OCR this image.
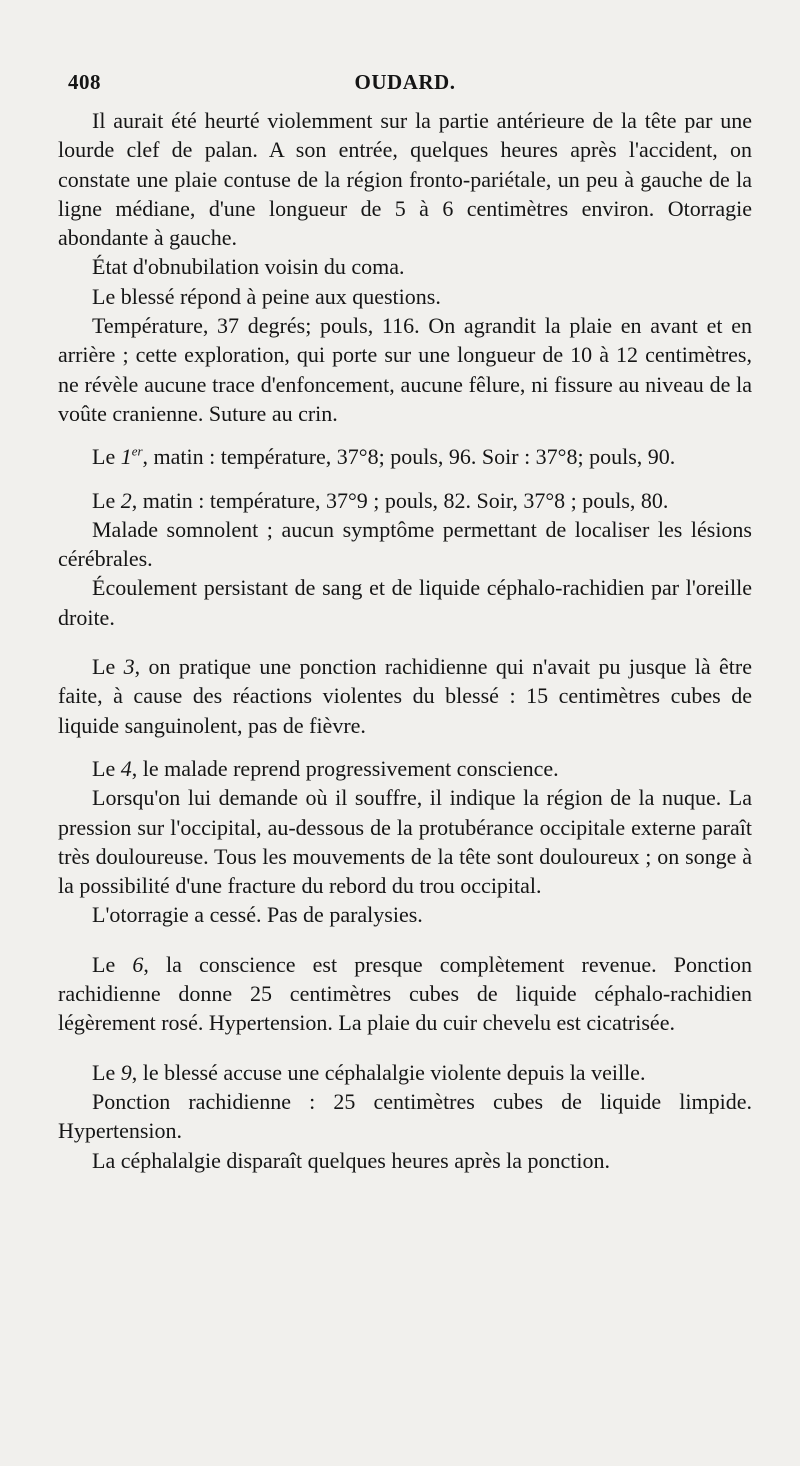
408	OUDARD.

Il aurait été heurté violemment sur la partie antérieure de la tête par une lourde clef de palan. A son entrée, quelques heures après l'accident, on constate une plaie contuse de la région fronto-pariétale, un peu à gauche de la ligne médiane, d'une longueur de 5 à 6 centimètres environ. Otorragie abondante à gauche.

État d'obnubilation voisin du coma.

Le blessé répond à peine aux questions.

Température, 37 degrés; pouls, 116. On agrandit la plaie en avant et en arrière ; cette exploration, qui porte sur une longueur de 10 à 12 centimètres, ne révèle aucune trace d'enfoncement, aucune fêlure, ni fissure au niveau de la voûte cranienne. Suture au crin.

Le 1er, matin : température, 37°8; pouls, 96. Soir : 37°8; pouls, 90.

Le 2, matin : température, 37°9 ; pouls, 82. Soir, 37°8 ; pouls, 80.

Malade somnolent ; aucun symptôme permettant de localiser les lésions cérébrales.

Écoulement persistant de sang et de liquide céphalo-rachidien par l'oreille droite.

Le 3, on pratique une ponction rachidienne qui n'avait pu jusque là être faite, à cause des réactions violentes du blessé : 15 centimètres cubes de liquide sanguinolent, pas de fièvre.

Le 4, le malade reprend progressivement conscience.

Lorsqu'on lui demande où il souffre, il indique la région de la nuque. La pression sur l'occipital, au-dessous de la protubérance occipitale externe paraît très douloureuse. Tous les mouvements de la tête sont douloureux ; on songe à la possibilité d'une fracture du rebord du trou occipital.

L'otorragie a cessé. Pas de paralysies.

Le 6, la conscience est presque complètement revenue. Ponction rachidienne donne 25 centimètres cubes de liquide céphalo-rachidien légèrement rosé. Hypertension. La plaie du cuir chevelu est cicatrisée.

Le 9, le blessé accuse une céphalalgie violente depuis la veille.

Ponction rachidienne : 25 centimètres cubes de liquide limpide. Hypertension.

La céphalalgie disparaît quelques heures après la ponction.
